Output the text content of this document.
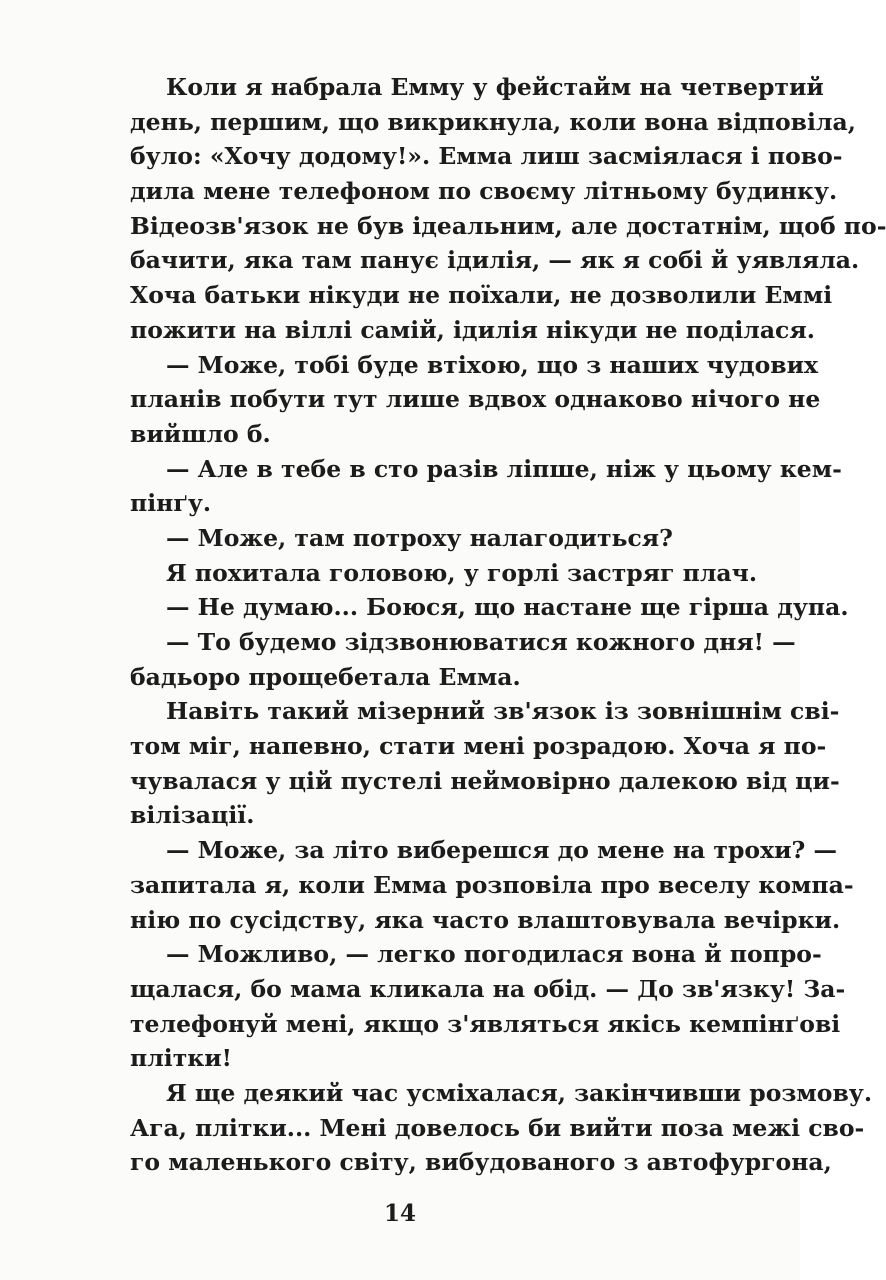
Коли я набрала Емму у фейстайм на четвертий
день, першим, що викрикнула, коли вона відповіла,
було: «Хочу додому!». Емма лиш засміялася і пово-
дила мене телефоном по своєму літньому будинку.
Відеозв'язок не був ідеальним, але достатнім, щоб по-
бачити, яка там панує ідилія, — як я собі й уявляла.
Хоча батьки нікуди не поїхали, не дозволили Еммі
пожити на віллі самій, ідилія нікуди не поділася.
— Може, тобі буде втіхою, що з наших чудових
планів побути тут лише вдвох однаково нічого не
вийшло б.
— Але в тебе в сто разів ліпше, ніж у цьому кем-
пінґу.
— Може, там потроху налагодиться?
Я похитала головою, у горлі застряг плач.
— Не думаю... Боюся, що настане ще гірша дупа.
— То будемо зідзвонюватися кожного дня! —
бадьоро прощебетала Емма.
Навіть такий мізерний зв'язок із зовнішнім сві-
том міг, напевно, стати мені розрадою. Хоча я по-
чувалася у цій пустелі неймовірно далекою від ци-
вілізації.
— Може, за літо виберешся до мене на трохи? —
запитала я, коли Емма розповіла про веселу компа-
нію по сусідству, яка часто влаштовувала вечірки.
— Можливо, — легко погодилася вона й попро-
щалася, бо мама кликала на обід. — До зв'язку! За-
телефонуй мені, якщо з'являться якісь кемпінґові
плітки!
Я ще деякий час усміхалася, закінчивши розмову.
Ага, плітки... Мені довелось би вийти поза межі сво-
го маленького світу, вибудованого з автофургона,
14
